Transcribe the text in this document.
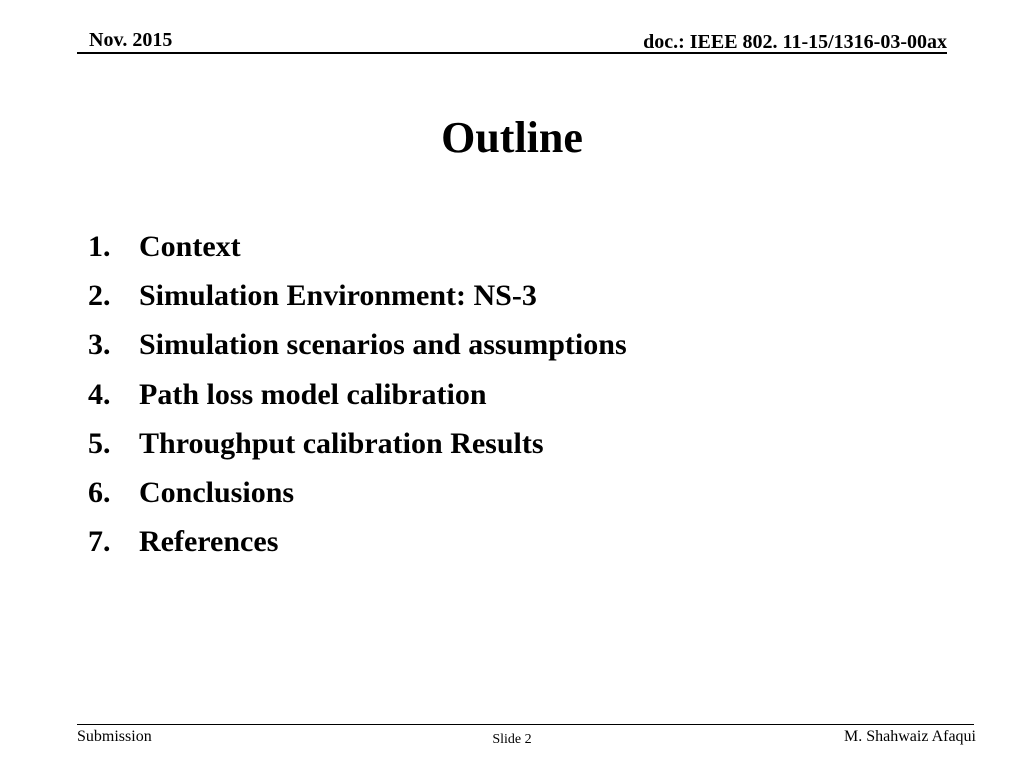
Nov. 2015	doc.: IEEE 802. 11-15/1316-03-00ax
Outline
1. Context
2. Simulation Environment: NS-3
3. Simulation scenarios and assumptions
4. Path loss model calibration
5. Throughput calibration Results
6. Conclusions
7. References
Submission	Slide 2	M. Shahwaiz Afaqui
